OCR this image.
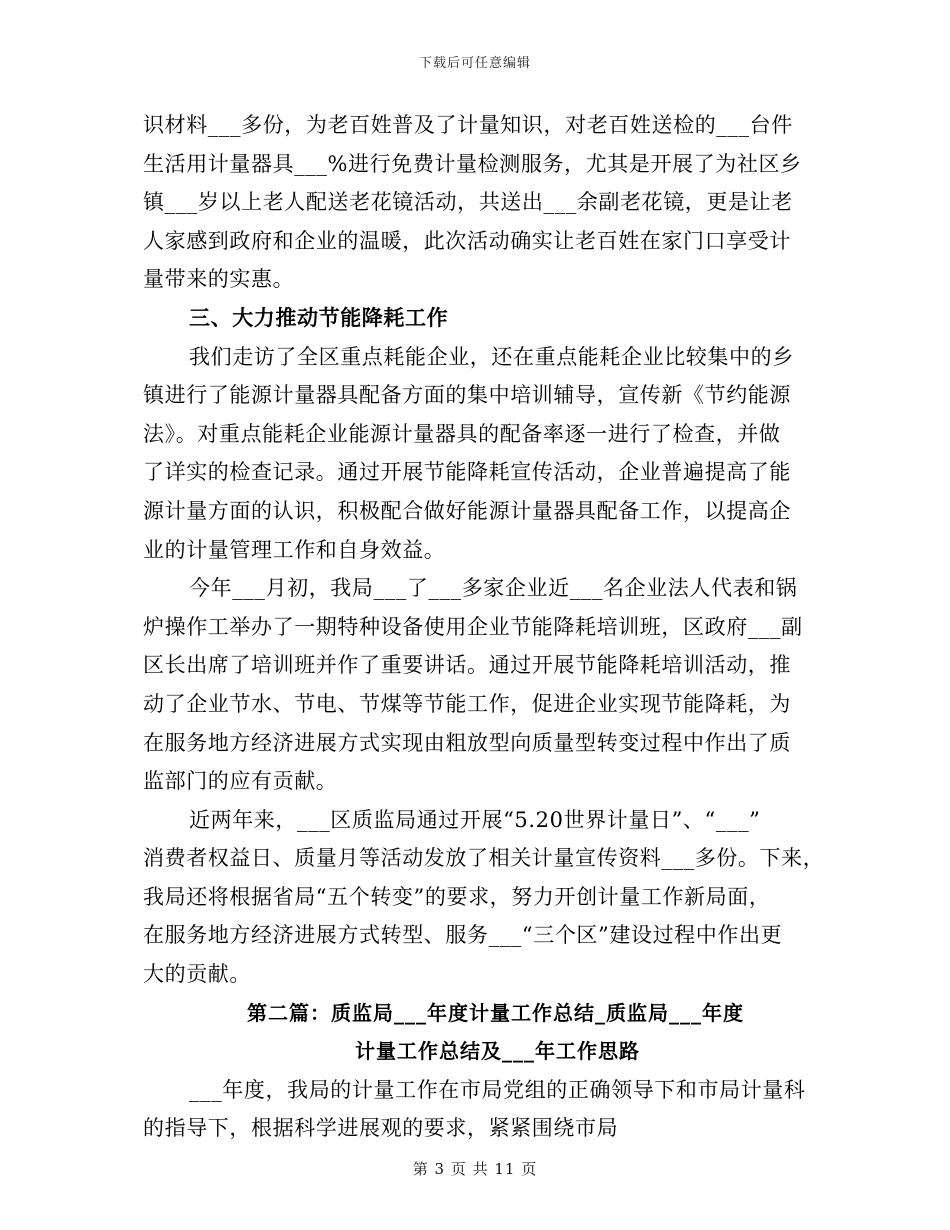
下载后可任意编辑
识材料___多份，为老百姓普及了计量知识，对老百姓送检的___台件
生活用计量器具___%进行免费计量检测服务，尤其是开展了为社区乡
镇___岁以上老人配送老花镜活动，共送出___余副老花镜，更是让老
人家感到政府和企业的温暖，此次活动确实让老百姓在家门口享受计
量带来的实惠。
三、大力推动节能降耗工作
我们走访了全区重点耗能企业，还在重点能耗企业比较集中的乡
镇进行了能源计量器具配备方面的集中培训辅导，宣传新《节约能源
法》。对重点能耗企业能源计量器具的配备率逐一进行了检查，并做
了详实的检查记录。通过开展节能降耗宣传活动，企业普遍提高了能
源计量方面的认识，积极配合做好能源计量器具配备工作，以提高企
业的计量管理工作和自身效益。
今年___月初，我局___了___多家企业近___名企业法人代表和锅
炉操作工举办了一期特种设备使用企业节能降耗培训班，区政府___副
区长出席了培训班并作了重要讲话。通过开展节能降耗培训活动，推
动了企业节水、节电、节煤等节能工作，促进企业实现节能降耗，为
在服务地方经济进展方式实现由粗放型向质量型转变过程中作出了质
监部门的应有贡献。
近两年来，___区质监局通过开展“5.20世界计量日”、“___”
消费者权益日、质量月等活动发放了相关计量宣传资料___多份。下来，
我局还将根据省局“五个转变”的要求，努力开创计量工作新局面，
在服务地方经济进展方式转型、服务___“三个区”建设过程中作出更
大的贡献。
第二篇：质监局___年度计量工作总结_质监局___年度
计量工作总结及___年工作思路
___年度，我局的计量工作在市局党组的正确领导下和市局计量科
的指导下，根据科学进展观的要求，紧紧围绕市局
第 3 页 共 11 页
